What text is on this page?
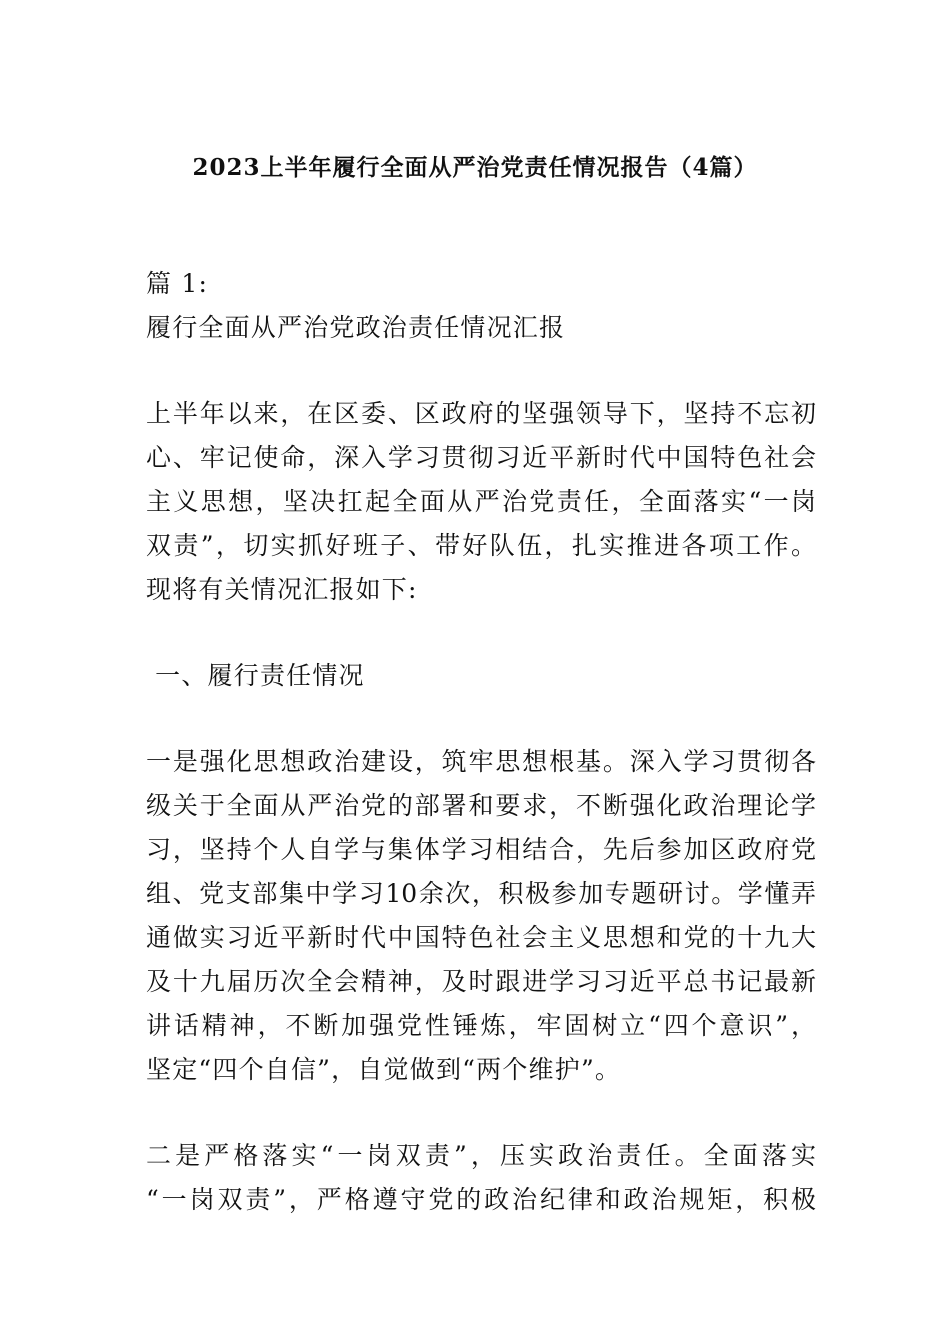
2023上半年履行全面从严治党责任情况报告（4篇）
篇 1:
履行全面从严治党政治责任情况汇报
上半年以来，在区委、区政府的坚强领导下，坚持不忘初
心、牢记使命，深入学习贯彻习近平新时代中国特色社会
主义思想，坚决扛起全面从严治党责任，全面落实“一岗
双责”，切实抓好班子、带好队伍，扎实推进各项工作。
现将有关情况汇报如下:
一、履行责任情况
一是强化思想政治建设，筑牢思想根基。深入学习贯彻各
级关于全面从严治党的部署和要求，不断强化政治理论学
习，坚持个人自学与集体学习相结合，先后参加区政府党
组、党支部集中学习10余次，积极参加专题研讨。学懂弄
通做实习近平新时代中国特色社会主义思想和党的十九大
及十九届历次全会精神，及时跟进学习习近平总书记最新
讲话精神，不断加强党性锤炼，牢固树立“四个意识”，
坚定“四个自信”，自觉做到“两个维护”。
二是严格落实“一岗双责”，压实政治责任。全面落实
“一岗双责”，严格遵守党的政治纪律和政治规矩，积极
